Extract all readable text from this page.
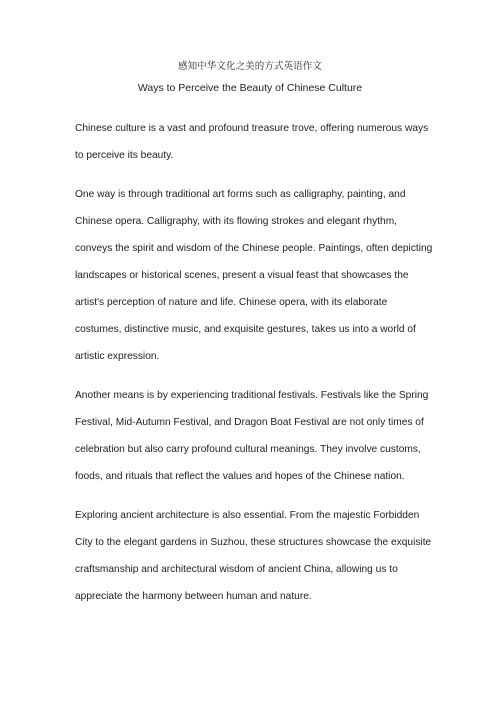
感知中华文化之美的方式英语作文
Ways to Perceive the Beauty of Chinese Culture

Chinese culture is a vast and profound treasure trove, offering numerous ways to perceive its beauty.

One way is through traditional art forms such as calligraphy, painting, and Chinese opera. Calligraphy, with its flowing strokes and elegant rhythm, conveys the spirit and wisdom of the Chinese people. Paintings, often depicting landscapes or historical scenes, present a visual feast that showcases the artist's perception of nature and life. Chinese opera, with its elaborate costumes, distinctive music, and exquisite gestures, takes us into a world of artistic expression.

Another means is by experiencing traditional festivals. Festivals like the Spring Festival, Mid-Autumn Festival, and Dragon Boat Festival are not only times of celebration but also carry profound cultural meanings. They involve customs, foods, and rituals that reflect the values and hopes of the Chinese nation.

Exploring ancient architecture is also essential. From the majestic Forbidden City to the elegant gardens in Suzhou, these structures showcase the exquisite craftsmanship and architectural wisdom of ancient China, allowing us to appreciate the harmony between human and nature.
